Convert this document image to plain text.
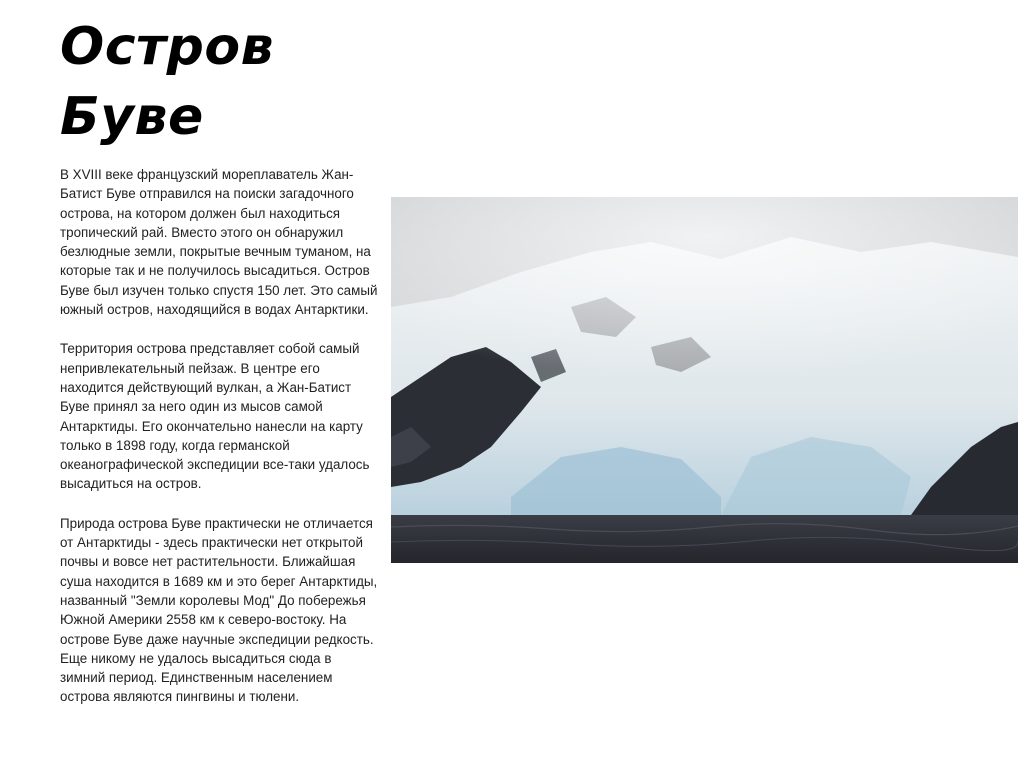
Остров
Буве

В XVIII веке французский мореплаватель Жан-Батист Буве отправился на поиски загадочного острова, на котором должен был находиться тропический рай. Вместо этого он обнаружил безлюдные земли, покрытые вечным туманом, на которые так и не получилось высадиться. Остров Буве был изучен только спустя 150 лет. Это самый южный остров, находящийся в водах Антарктики.

Территория острова представляет собой самый непривлекательный пейзаж. В центре его находится действующий вулкан, а Жан-Батист Буве принял за него один из мысов самой Антарктиды. Его окончательно нанесли на карту только в 1898 году, когда германской океанографической экспедиции все-таки удалось высадиться на остров.

Природа острова Буве практически не отличается от Антарктиды - здесь практически нет открытой почвы и вовсе нет растительности. Ближайшая суша находится в 1689 км и это берег Антарктиды, названный "Земли королевы Мод" До побережья Южной Америки 2558 км к северо-востоку. На острове Буве даже научные экспедиции редкость. Еще никому не удалось высадиться сюда в зимний период. Единственным населением острова являются пингвины и тюлени.
